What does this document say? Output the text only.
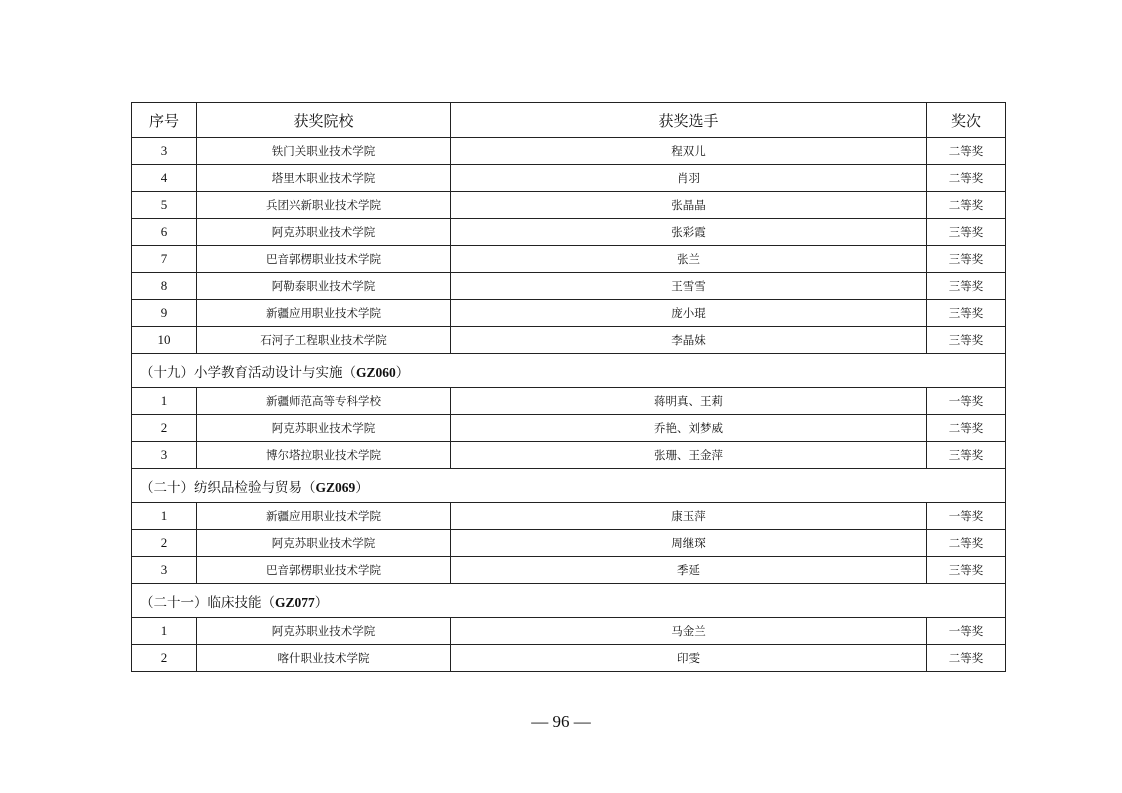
序号	获奖院校	获奖选手	奖次
3	铁门关职业技术学院	程双儿	二等奖
4	塔里木职业技术学院	肖羽	二等奖
5	兵团兴新职业技术学院	张晶晶	二等奖
6	阿克苏职业技术学院	张彩霞	三等奖
7	巴音郭楞职业技术学院	张兰	三等奖
8	阿勒泰职业技术学院	王雪雪	三等奖
9	新疆应用职业技术学院	庞小琨	三等奖
10	石河子工程职业技术学院	李晶妹	三等奖
（十九）小学教育活动设计与实施（GZ060）			
1	新疆师范高等专科学校	蒋明真、王莉	一等奖
2	阿克苏职业技术学院	乔艳、刘梦威	二等奖
3	博尔塔拉职业技术学院	张珊、王金萍	三等奖
（二十）纺织品检验与贸易（GZ069）			
1	新疆应用职业技术学院	康玉萍	一等奖
2	阿克苏职业技术学院	周继琛	二等奖
3	巴音郭楞职业技术学院	季延	三等奖
（二十一）临床技能（GZ077）			
1	阿克苏职业技术学院	马金兰	一等奖
2	喀什职业技术学院	印雯	二等奖
— 96 —
